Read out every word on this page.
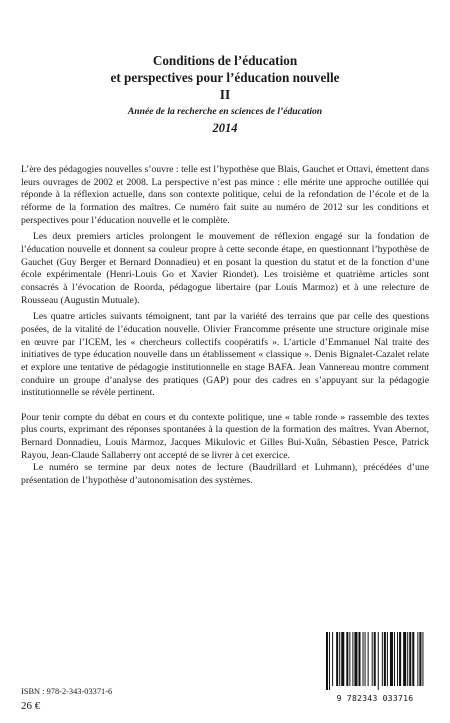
Conditions de l’éducation
et perspectives pour l’éducation nouvelle
II
Année de la recherche en sciences de l’éducation
2014

L’ère des pédagogies nouvelles s’ouvre : telle est l’hypothèse que Blais, Gauchet et Ottavi, émettent dans leurs ouvrages de 2002 et 2008. La perspective n’est pas mince : elle mérite une approche outillée qui réponde à la réflexion actuelle, dans son contexte politique, celui de la refondation de l’école et de la réforme de la formation des maîtres. Ce numéro fait suite au numéro de 2012 sur les conditions et perspectives pour l’éducation nouvelle et le complète.

Les deux premiers articles prolongent le mouvement de réflexion engagé sur la fondation de l’éducation nouvelle et donnent sa couleur propre à cette seconde étape, en questionnant l’hypothèse de Gauchet (Guy Berger et Bernard Donnadieu) et en posant la question du statut et de la fonction d’une école expérimentale (Henri-Louis Go et Xavier Riondet). Les troisième et quatrième articles sont consacrés à l’évocation de Roorda, pédagogue libertaire (par Louis Marmoz) et à une relecture de Rousseau (Augustin Mutuale).

Les quatre articles suivants témoignent, tant par la variété des terrains que par celle des questions posées, de la vitalité de l’éducation nouvelle. Olivier Francomme présente une structure originale mise en œuvre par l’ICEM, les « chercheurs collectifs coopératifs ». L’article d’Emmanuel Nal traite des initiatives de type éducation nouvelle dans un établissement « classique ». Denis Bignalet-Cazalet relate et explore une tentative de pédagogie institutionnelle en stage BAFA. Jean Vannereau montre comment conduire un groupe d’analyse des pratiques (GAP) pour des cadres en s’appuyant sur la pédagogie institutionnelle se révèle pertinent.

Pour tenir compte du débat en cours et du contexte politique, une « table ronde » rassemble des textes plus courts, exprimant des réponses spontanées à la question de la formation des maîtres. Yvan Abernot, Bernard Donnadieu, Louis Marmoz, Jacques Mikulovic et Gilles Bui-Xuân, Sébastien Pesce, Patrick Rayou, Jean-Claude Sallaberry ont accepté de se livrer à cet exercice.

Le numéro se termine par deux notes de lecture (Baudrillard et Luhmann), précédées d’une présentation de l’hypothèse d’autonomisation des systèmes.

ISBN : 978-2-343-03371-6
26 €
9 782343 033716
